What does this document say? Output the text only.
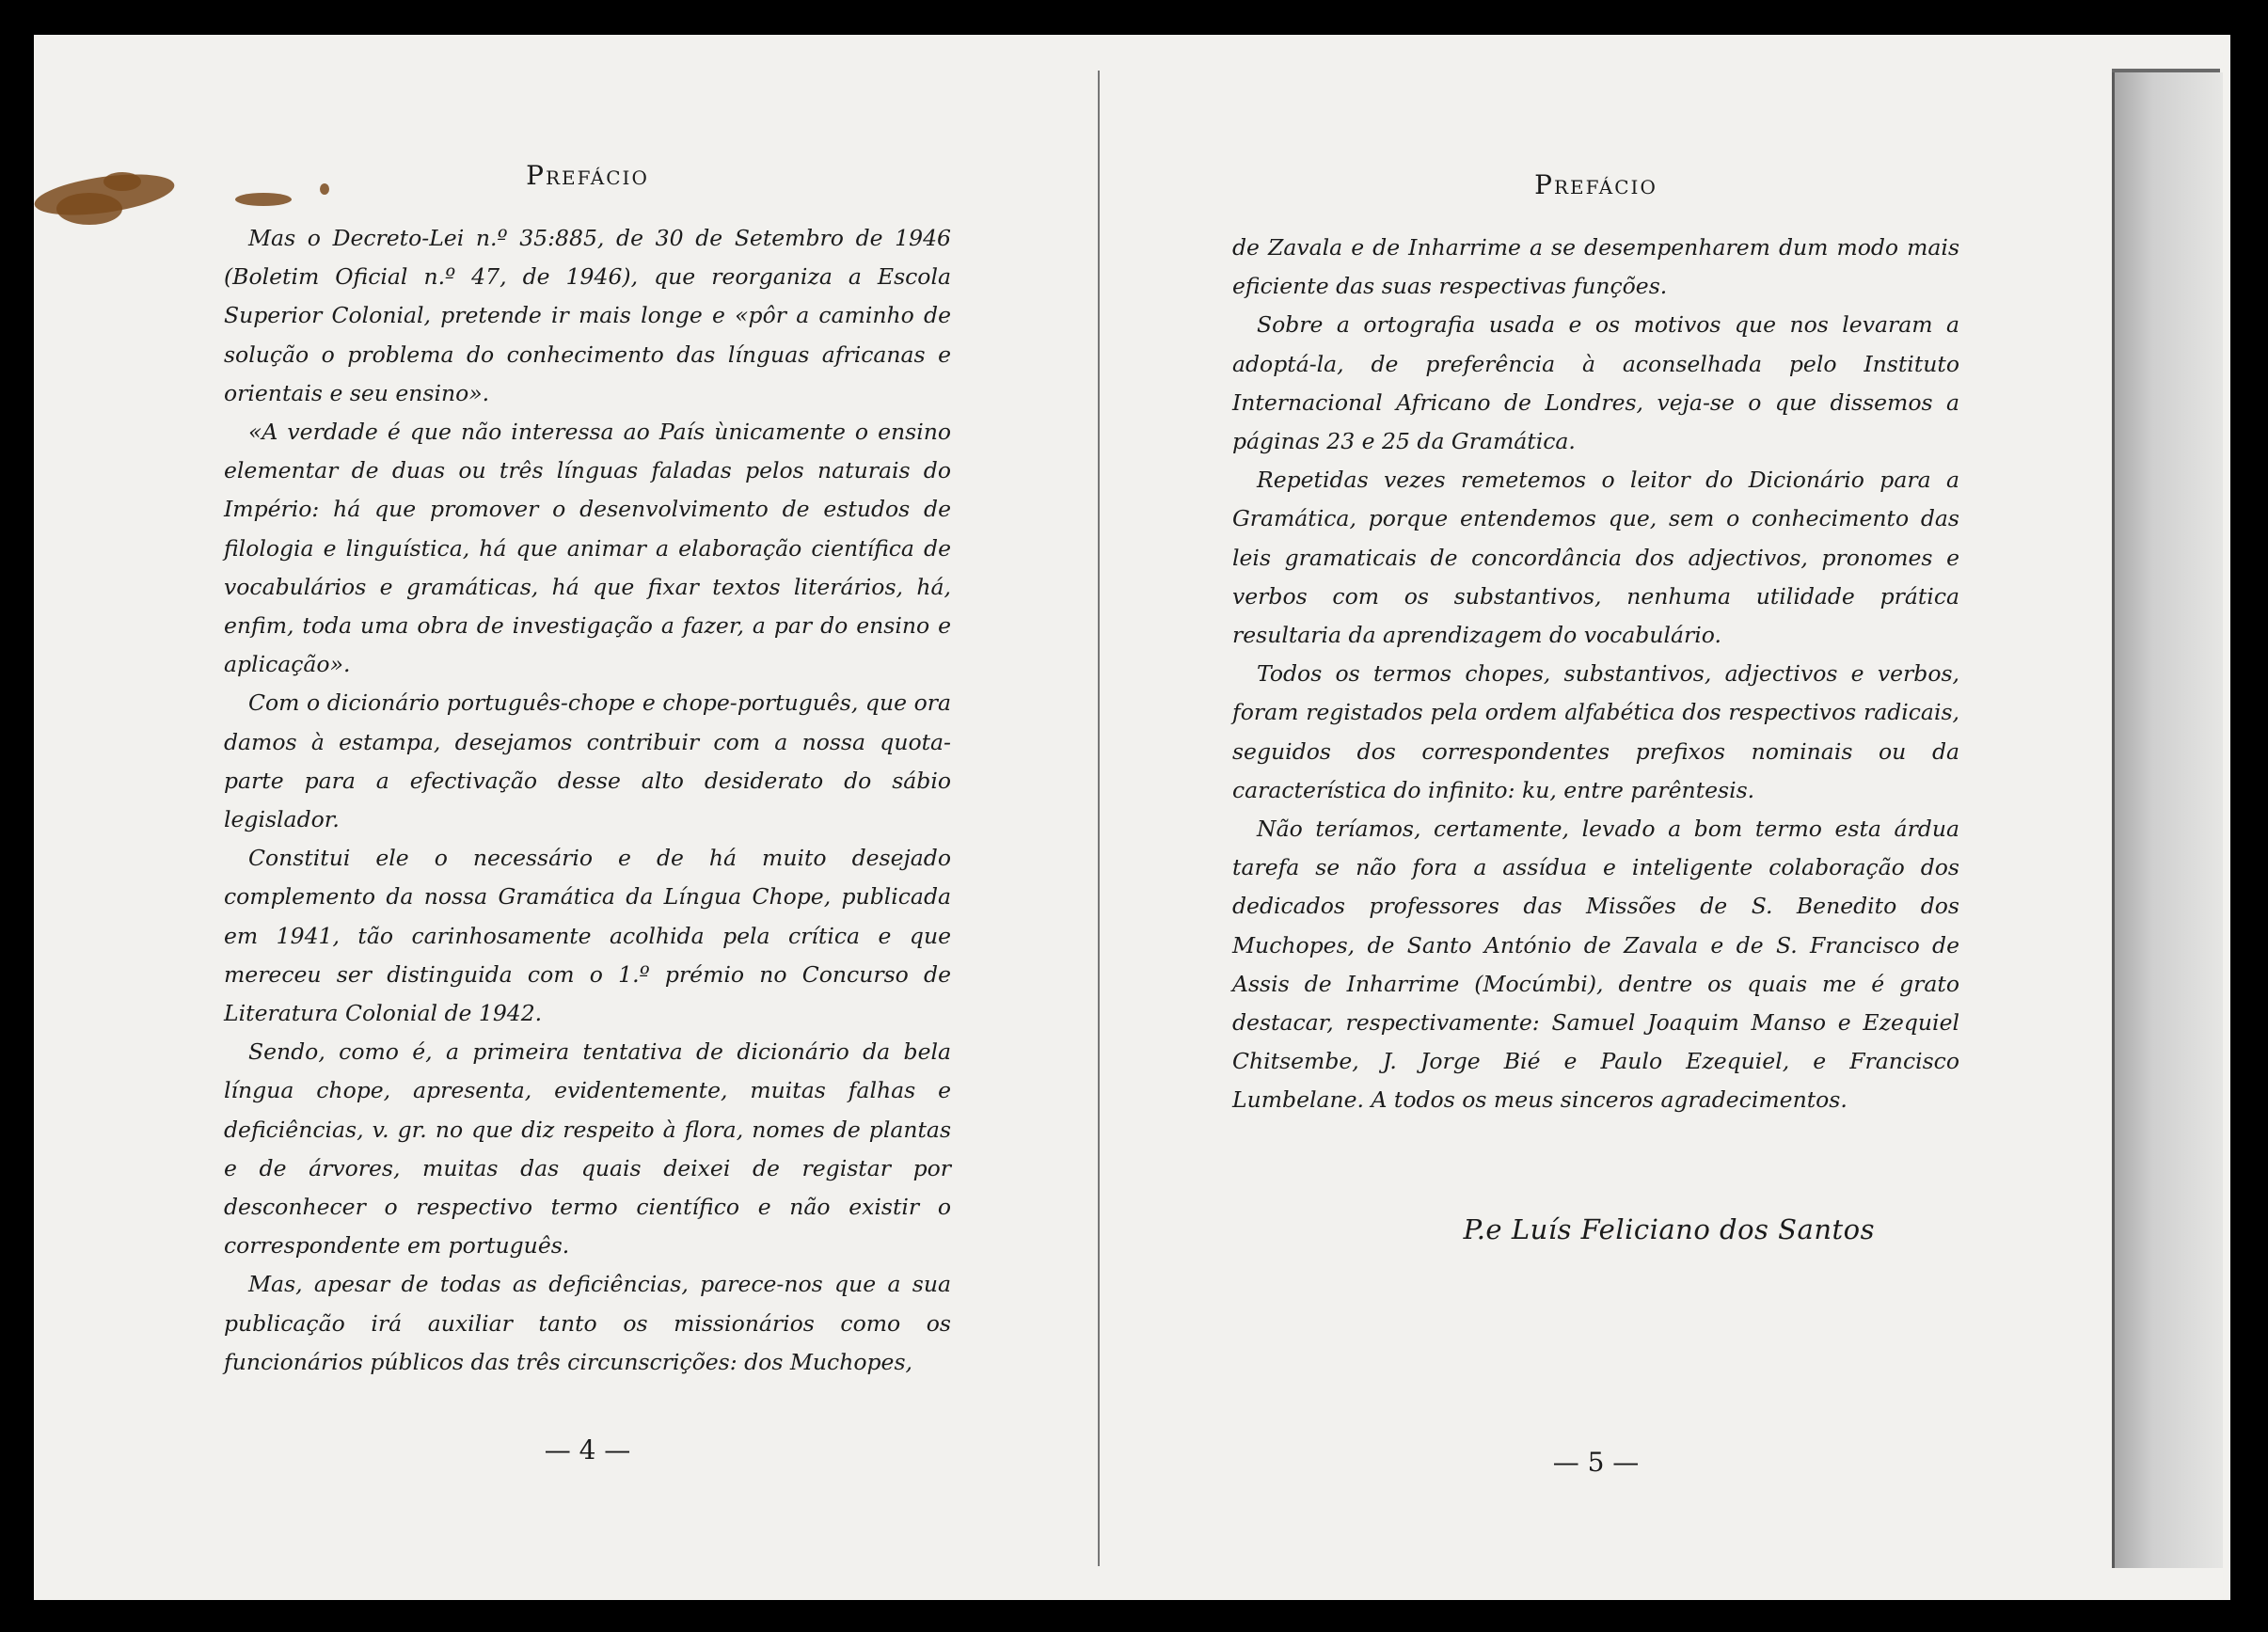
Prefácio

Mas o Decreto-Lei n.º 35:885, de 30 de Setembro de 1946 (Boletim Oficial n.º 47, de 1946), que reorganiza a Escola Superior Colonial, pretende ir mais longe e «pôr a caminho de solução o problema do conhecimento das línguas africanas e orientais e seu ensino».

«A verdade é que não interessa ao País ùnicamente o ensino elementar de duas ou três línguas faladas pelos naturais do Império: há que promover o desenvolvimento de estudos de filologia e linguística, há que animar a elaboração científica de vocabulários e gramáticas, há que fixar textos literários, há, enfim, toda uma obra de investigação a fazer, a par do ensino e aplicação».

Com o dicionário português-chope e chope-português, que ora damos à estampa, desejamos contribuir com a nossa quota-parte para a efectivação desse alto desiderato do sábio legislador.

Constitui ele o necessário e de há muito desejado complemento da nossa Gramática da Língua Chope, publicada em 1941, tão carinhosamente acolhida pela crítica e que mereceu ser distinguida com o 1.º prémio no Concurso de Literatura Colonial de 1942.

Sendo, como é, a primeira tentativa de dicionário da bela língua chope, apresenta, evidentemente, muitas falhas e deficiências, v. gr. no que diz respeito à flora, nomes de plantas e de árvores, muitas das quais deixei de registar por desconhecer o respectivo termo científico e não existir o correspondente em português.

Mas, apesar de todas as deficiências, parece-nos que a sua publicação irá auxiliar tanto os missionários como os funcionários públicos das três circunscrições: dos Muchopes,

— 4 —
Prefácio

de Zavala e de Inharrime a se desempenharem dum modo mais eficiente das suas respectivas funções.

Sobre a ortografia usada e os motivos que nos levaram a adoptá-la, de preferência à aconselhada pelo Instituto Internacional Africano de Londres, veja-se o que dissemos a páginas 23 e 25 da Gramática.

Repetidas vezes remetemos o leitor do Dicionário para a Gramática, porque entendemos que, sem o conhecimento das leis gramaticais de concordância dos adjectivos, pronomes e verbos com os substantivos, nenhuma utilidade prática resultaria da aprendizagem do vocabulário.

Todos os termos chopes, substantivos, adjectivos e verbos, foram registados pela ordem alfabética dos respectivos radicais, seguidos dos correspondentes prefixos nominais ou da característica do infinito: ku, entre parêntesis.

Não teríamos, certamente, levado a bom termo esta árdua tarefa se não fora a assídua e inteligente colaboração dos dedicados professores das Missões de S. Benedito dos Muchopes, de Santo António de Zavala e de S. Francisco de Assis de Inharrime (Mocúmbi), dentre os quais me é grato destacar, respectivamente: Samuel Joaquim Manso e Ezequiel Chitsembe, J. Jorge Bié e Paulo Ezequiel, e Francisco Lumbelane. A todos os meus sinceros agradecimentos.

P.e Luís Feliciano dos Santos
— 5 —
